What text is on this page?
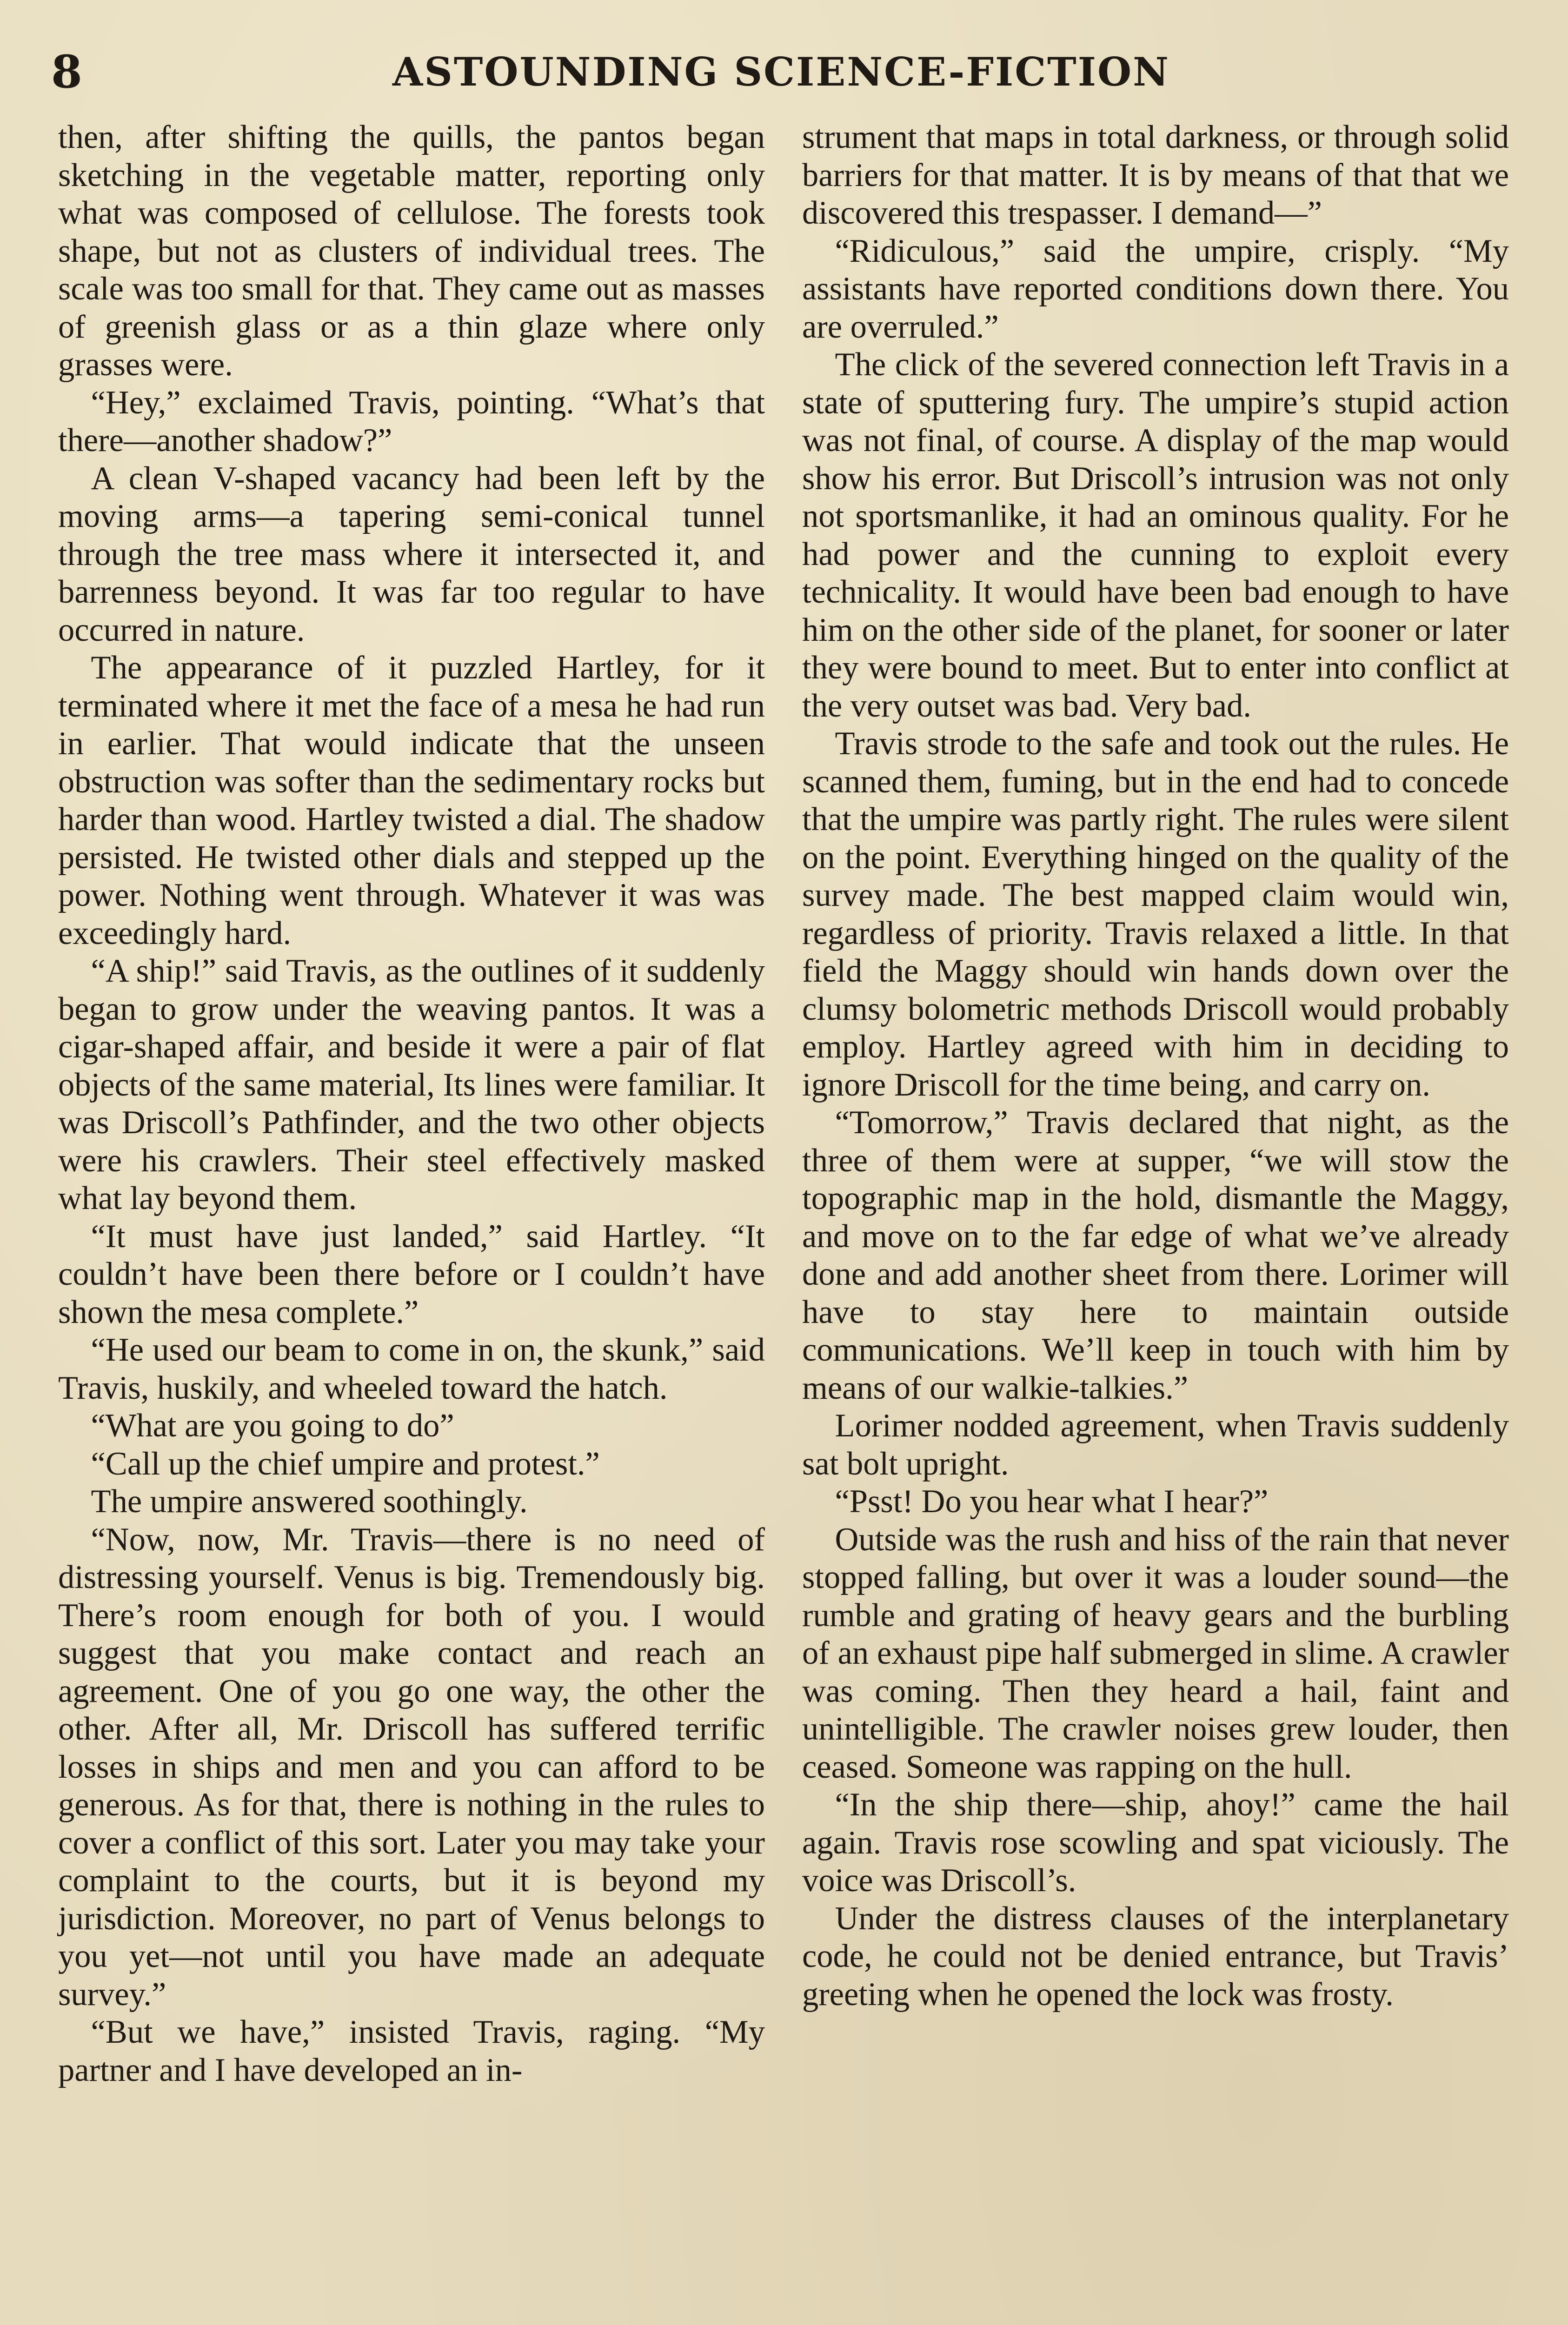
8	ASTOUNDING SCIENCE-FICTION

then, after shifting the quills, the pantos began sketching in the vegetable matter, reporting only what was composed of cellulose. The forests took shape, but not as clusters of individual trees. The scale was too small for that. They came out as masses of greenish glass or as a thin glaze where only grasses were.

“Hey,” exclaimed Travis, pointing. “What’s that there—another shadow?”

A clean V-shaped vacancy had been left by the moving arms—a tapering semi-conical tunnel through the tree mass where it intersected it, and barrenness beyond. It was far too regular to have occurred in nature.

The appearance of it puzzled Hartley, for it terminated where it met the face of a mesa he had run in earlier. That would indicate that the unseen obstruction was softer than the sedimentary rocks but harder than wood. Hartley twisted a dial. The shadow persisted. He twisted other dials and stepped up the power. Nothing went through. Whatever it was was exceedingly hard.

“A ship!” said Travis, as the outlines of it suddenly began to grow under the weaving pantos. It was a cigar-shaped affair, and beside it were a pair of flat objects of the same material, Its lines were familiar. It was Driscoll’s Pathfinder, and the two other objects were his crawlers. Their steel effectively masked what lay beyond them.

“It must have just landed,” said Hartley. “It couldn’t have been there before or I couldn’t have shown the mesa complete.”

“He used our beam to come in on, the skunk,” said Travis, huskily, and wheeled toward the hatch.

“What are you going to do”

“Call up the chief umpire and protest.”

The umpire answered soothingly.

“Now, now, Mr. Travis—there is no need of distressing yourself. Venus is big. Tremendously big. There’s room enough for both of you. I would suggest that you make contact and reach an agreement. One of you go one way, the other the other. After all, Mr. Driscoll has suffered terrific losses in ships and men and you can afford to be generous. As for that, there is nothing in the rules to cover a conflict of this sort. Later you may take your complaint to the courts, but it is beyond my jurisdiction. Moreover, no part of Venus belongs to you yet—not until you have made an adequate survey.”

“But we have,” insisted Travis, raging. “My partner and I have developed an in-

strument that maps in total darkness, or through solid barriers for that matter. It is by means of that that we discovered this trespasser. I demand—”

“Ridiculous,” said the umpire, crisply. “My assistants have reported conditions down there. You are overruled.”

The click of the severed connection left Travis in a state of sputtering fury. The umpire’s stupid action was not final, of course. A display of the map would show his error. But Driscoll’s intrusion was not only not sportsmanlike, it had an ominous quality. For he had power and the cunning to exploit every technicality. It would have been bad enough to have him on the other side of the planet, for sooner or later they were bound to meet. But to enter into conflict at the very outset was bad. Very bad.

Travis strode to the safe and took out the rules. He scanned them, fuming, but in the end had to concede that the umpire was partly right. The rules were silent on the point. Everything hinged on the quality of the survey made. The best mapped claim would win, regardless of priority. Travis relaxed a little. In that field the Maggy should win hands down over the clumsy bolometric methods Driscoll would probably employ. Hartley agreed with him in deciding to ignore Driscoll for the time being, and carry on.

“Tomorrow,” Travis declared that night, as the three of them were at supper, “we will stow the topographic map in the hold, dismantle the Maggy, and move on to the far edge of what we’ve already done and add another sheet from there. Lorimer will have to stay here to maintain outside communications. We’ll keep in touch with him by means of our walkie-talkies.”

Lorimer nodded agreement, when Travis suddenly sat bolt upright.

“Psst! Do you hear what I hear?”

Outside was the rush and hiss of the rain that never stopped falling, but over it was a louder sound—the rumble and grating of heavy gears and the burbling of an exhaust pipe half submerged in slime. A crawler was coming. Then they heard a hail, faint and unintelligible. The crawler noises grew louder, then ceased. Someone was rapping on the hull.

“In the ship there—ship, ahoy!” came the hail again. Travis rose scowling and spat viciously. The voice was Driscoll’s.

Under the distress clauses of the interplanetary code, he could not be denied entrance, but Travis’ greeting when he opened the lock was frosty.
